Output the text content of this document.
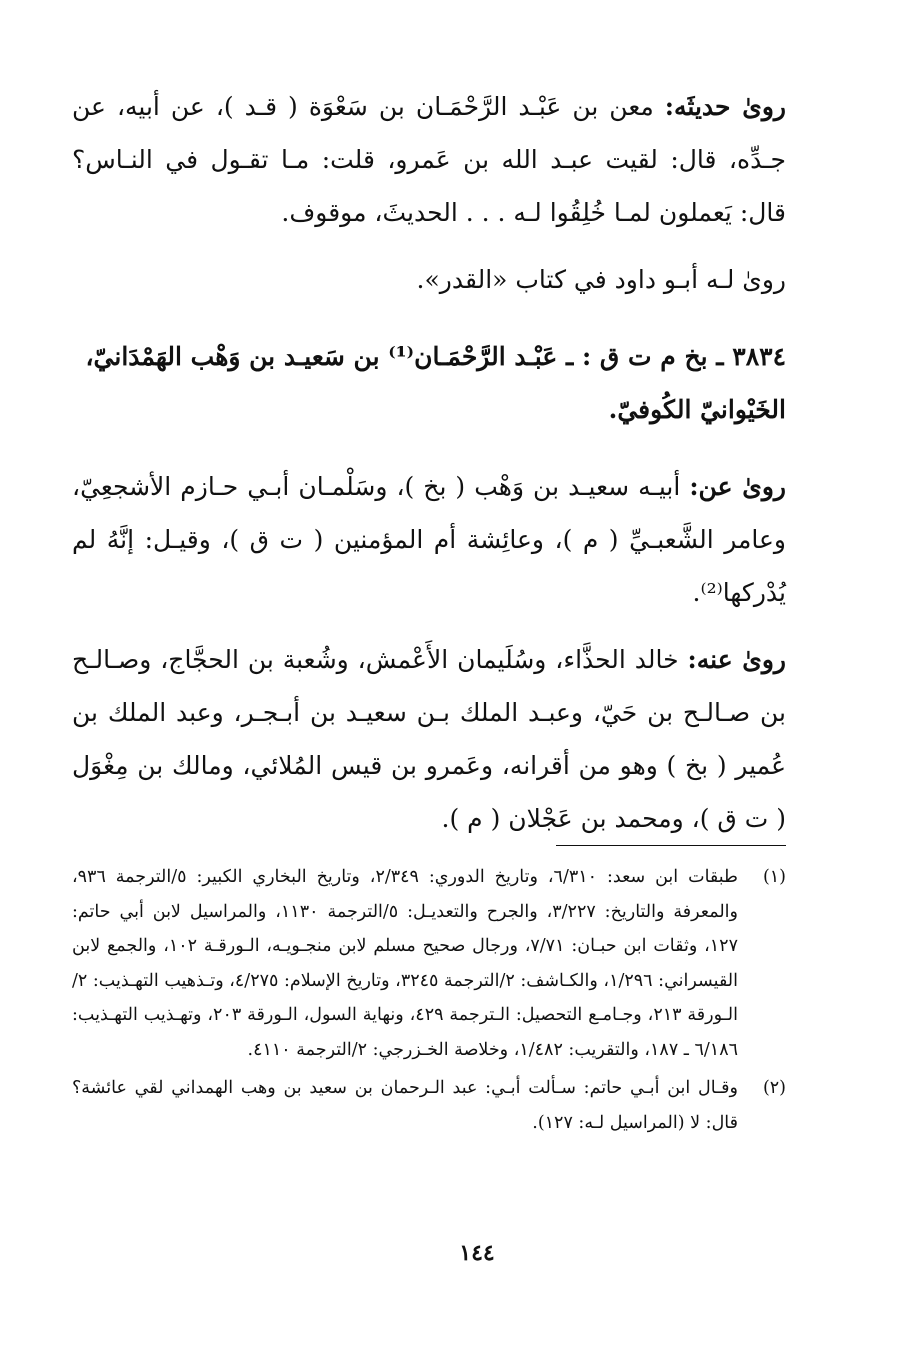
رویٰ حديثَه: معن بن عَبْـد الرَّحْمَـان بن سَعْوَة ( قـد )، عن أبيه، عن جـدِّه، قال: لقيت عبـد الله بن عَمرو، قلت: مـا تقـول في النـاس؟ قال: يَعملون لمـا خُلِقُوا لـه . . . الحديثَ، موقوف.

رویٰ لـه أبـو داود في كتاب «القدر».

٣٨٣٤ ـ بخ م ت ق : ـ عَبْـد الرَّحْمَـان⁽¹⁾ بن سَعيـد بن وَهْب الهَمْدَانيّ، الخَيْوانيّ الكُوفيّ.

رویٰ عن: أبيـه سعيـد بن وَهْب ( بخ )، وسَلْمـان أبـي حـازم الأشجعِيّ، وعامر الشَّعبـيِّ ( م )، وعائِشة أم المؤمنين ( ت ق )، وقيـل: إنَّهُ لم يُدْركها⁽²⁾.

رویٰ عنه: خالد الحذَّاء، وسُلَيمان الأَعْمش، وشُعبة بن الحجَّاج، وصـالـح بن صـالـح بن حَيّ، وعبـد الملك بـن سعيـد بن أبـجـر، وعبد الملك بن عُمير ( بخ ) وهو من أقرانه، وعَمرو بن قيس المُلائي، ومالك بن مِغْوَل ( ت ق )، ومحمد بن عَجْلان ( م ).

(١)
طبقات ابن سعد: ٦/٣١٠، وتاريخ الدوري: ٢/٣٤٩، وتاريخ البخاري الكبير: ٥/الترجمة ٩٣٦، والمعرفة والتاريخ: ٣/٢٢٧، والجرح والتعديـل: ٥/الترجمة ١١٣٠، والمراسيل لابن أبي حاتم: ١٢٧، وثقات ابن حبـان: ٧/٧١، ورجال صحيح مسلم لابن منجـويـه، الـورقـة ١٠٢، والجمع لابن القيسراني: ١/٢٩٦، والكـاشف: ٢/الترجمة ٣٢٤٥، وتاريخ الإسلام: ٤/٢٧٥، وتـذهيب التهـذيب: ٢/الـورقة ٢١٣، وجـامـع التحصيل: الـترجمة ٤٢٩، ونهاية السول، الـورقة ٢٠٣، وتهـذيب التهـذيب: ٦/١٨٦ ـ ١٨٧، والتقريب: ١/٤٨٢، وخلاصة الخـزرجي: ٢/الترجمة ٤١١٠.
(٢)
وقـال ابن أبـي حاتم: سـألت أبـي: عبد الـرحمان بن سعيد بن وهب الهمداني لقي عائشة؟ قال: لا (المراسيل لـه: ١٢٧).
١٤٤
